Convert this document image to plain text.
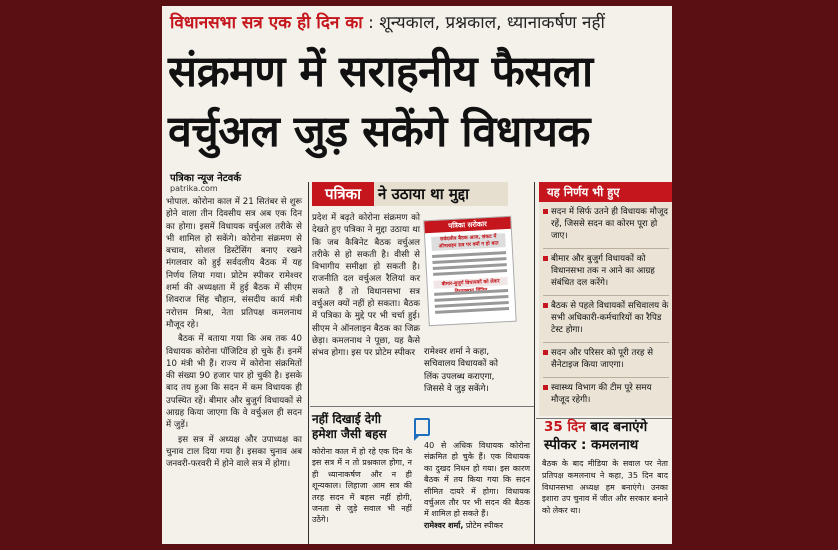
विधानसभा सत्र एक ही दिन का : शून्यकाल, प्रश्नकाल, ध्यानाकर्षण नहीं
संक्रमण में सराहनीय फैसला
वर्चुअल जुड़ सकेंगे विधायक
पत्रिका न्यूज नेटवर्क
patrika.com

भोपाल. कोरोना काल में 21 सितंबर से शुरू होने वाला तीन दिवसीय सत्र अब एक दिन का होगा। इसमें विधायक वर्चुअल तरीके से भी शामिल हो सकेंगे। कोरोना संक्रमण से बचाव, सोशल डिस्टेंसिंग बनाए रखने मंगलवार को हुई सर्वदलीय बैठक में यह निर्णय लिया गया। प्रोटेम स्पीकर रामेश्वर शर्मा की अध्यक्षता में हुई बैठक में सीएम शिवराज सिंह चौहान, संसदीय कार्य मंत्री नरोत्तम मिश्रा, नेता प्रतिपक्ष कमलनाथ मौजूद रहे।

बैठक में बताया गया कि अब तक 40 विधायक कोरोना पॉजिटिव हो चुके हैं। इनमें 10 मंत्री भी हैं। राज्य में कोरोना संक्रमितों की संख्या 90 हजार पार हो चुकी है। इसके बाद तय हुआ कि सदन में कम विधायक ही उपस्थित रहें। बीमार और बुजुर्ग विधायकों से आग्रह किया जाएगा कि वे वर्चुअल ही सदन में जुड़ें।

इस सत्र में अध्यक्ष और उपाध्यक्ष का चुनाव टाल दिया गया है। इसका चुनाव अब जनवरी-फरवरी में होने वाले सत्र में होगा।

पत्रिका	ने उठाया था मुद्दा
प्रदेश में बढ़ते कोरोना संक्रमण को देखते हुए पत्रिका ने मुद्दा उठाया था कि जब कैबिनेट बैठक वर्चुअल तरीके से हो सकती है। वीसी से विभागीय समीक्षा हो सकती है। राजनीति दल वर्चुअल रैलियां कर सकते हैं तो विधानसभा सत्र वर्चुअल क्यों नहीं हो सकता। बैठक में पत्रिका के मुद्दे पर भी चर्चा हुई। सीएम ने ऑनलाइन बैठक का जिक्र छेड़ा। कमलनाथ ने पूछा, यह कैसे संभव होगा। इस पर प्रोटेम स्पीकर
पत्रिका सरोकार
सर्वदलीय बैठक आज, संकट में ऑनलाइन सत्र पर क्यों न हो बात
बीमार-बुजुर्ग विधायकों को लेकर
रामेश्वर शर्मा ने कहा, सचिवालय विधायकों को लिंक उपलब्ध कराएगा, जिससे वे जुड़ सकेंगे।
यह निर्णय भी हुए
सदन में सिर्फ उतने ही विधायक मौजूद रहें, जिससे सदन का कोरम पूरा हो जाए।
बीमार और बुजुर्ग विधायकों को विधानसभा तक न आने का आग्रह संबंधित दल करेंगे।
बैठक से पहले विधायकों सचिवालय के सभी अधिकारी-कर्मचारियों का रैपिड टेस्ट होगा।
सदन और परिसर को पूरी तरह से सैनेटाइज किया जाएगा।
स्वास्थ्य विभाग की टीम पूरे समय मौजूद रहेगी।
नहीं दिखाई देगी
हमेशा जैसी बहस
कोरोना काल में हो रहे एक दिन के इस सत्र में न तो प्रश्नकाल होगा, न ही ध्यानाकर्षण और न ही शून्यकाल। लिहाजा आम सत्र की तरह सदन में बहस नहीं होगी, जनता से जुड़े सवाल भी नहीं उठेंगे।
40 से अधिक विधायक कोरोना संक्रमित हो चुके हैं। एक विधायक का दुखद निधन हो गया। इस कारण बैठक में तय किया गया कि सदन सीमित दायरे में होगा। विधायक वर्चुअल तौर पर भी सदन की बैठक में शामिल हो सकते हैं।
रामेश्वर शर्मा, प्रोटेम स्पीकर
35 दिन बाद बनाएंगे
स्पीकर : कमलनाथ
बैठक के बाद मीडिया के सवाल पर नेता प्रतिपक्ष कमलनाथ ने कहा, 35 दिन बाद विधानसभा अध्यक्ष हम बनाएंगे। उनका इशारा उप चुनाव में जीत और सरकार बनाने को लेकर था।
